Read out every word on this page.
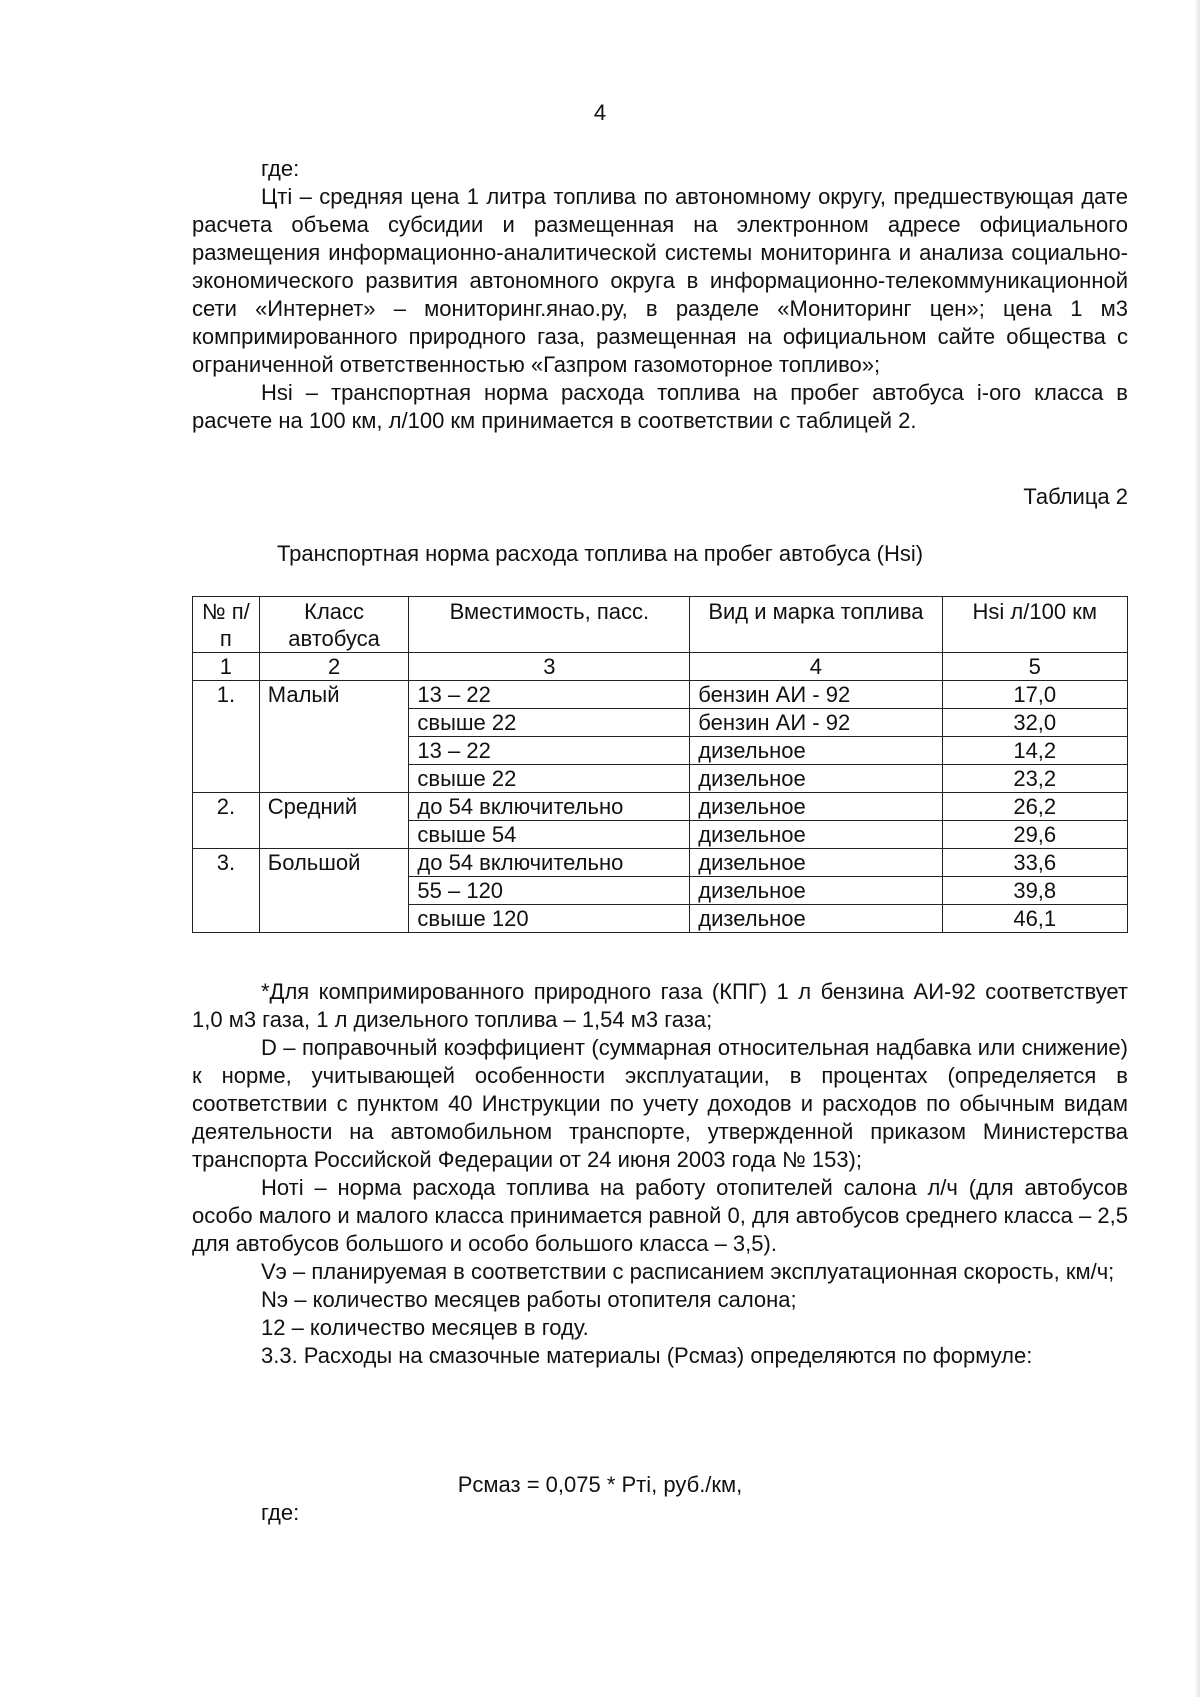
4

где:

Цтi – средняя цена 1 литра топлива по автономному округу, предшествующая дате расчета объема субсидии и размещенная на электронном адресе официального размещения информационно-аналитической системы мониторинга и анализа социально-экономического развития автономного округа в информационно-телекоммуникационной сети «Интернет» – мониторинг.янао.ру, в разделе «Мониторинг цен»; цена 1 м3 компримированного природного газа, размещенная на официальном сайте общества с ограниченной ответственностью «Газпром газомоторное топливо»;

Hsi – транспортная норма расхода топлива на пробег автобуса i-ого класса в расчете на 100 км, л/100 км принимается в соответствии с таблицей 2.

Таблица 2
Транспортная норма расхода топлива на пробег автобуса (Hsi)
№ п/п	Класс автобуса	Вместимость, пасс.	Вид и марка топлива	Hsi л/100 км
1	2	3	4	5
1.	Малый	13 – 22	бензин АИ - 92	17,0
		свыше 22	бензин АИ - 92	32,0
		13 – 22	дизельное	14,2
		свыше 22	дизельное	23,2
2.	Средний	до 54 включительно	дизельное	26,2
		свыше 54	дизельное	29,6
3.	Большой	до 54 включительно	дизельное	33,6
		55 – 120	дизельное	39,8
		свыше 120	дизельное	46,1

*Для компримированного природного газа (КПГ) 1 л бензина АИ-92 соответствует 1,0 м3 газа, 1 л дизельного топлива – 1,54 м3 газа;

D – поправочный коэффициент (суммарная относительная надбавка или снижение) к норме, учитывающей особенности эксплуатации, в процентах (определяется в соответствии с пунктом 40 Инструкции по учету доходов и расходов по обычным видам деятельности на автомобильном транспорте, утвержденной приказом Министерства транспорта Российской Федерации от 24 июня 2003 года № 153);

Нотi – норма расхода топлива на работу отопителей салона л/ч (для автобусов особо малого и малого класса принимается равной 0, для автобусов среднего класса – 2,5 для автобусов большого и особо большого класса – 3,5).

Vэ – планируемая в соответствии с расписанием эксплуатационная скорость, км/ч;

Nэ – количество месяцев работы отопителя салона;

12 – количество месяцев в году.

3.3. Расходы на смазочные материалы (Рсмаз) определяются по формуле:

Рсмаз = 0,075 * Pтi, руб./км,
где:
